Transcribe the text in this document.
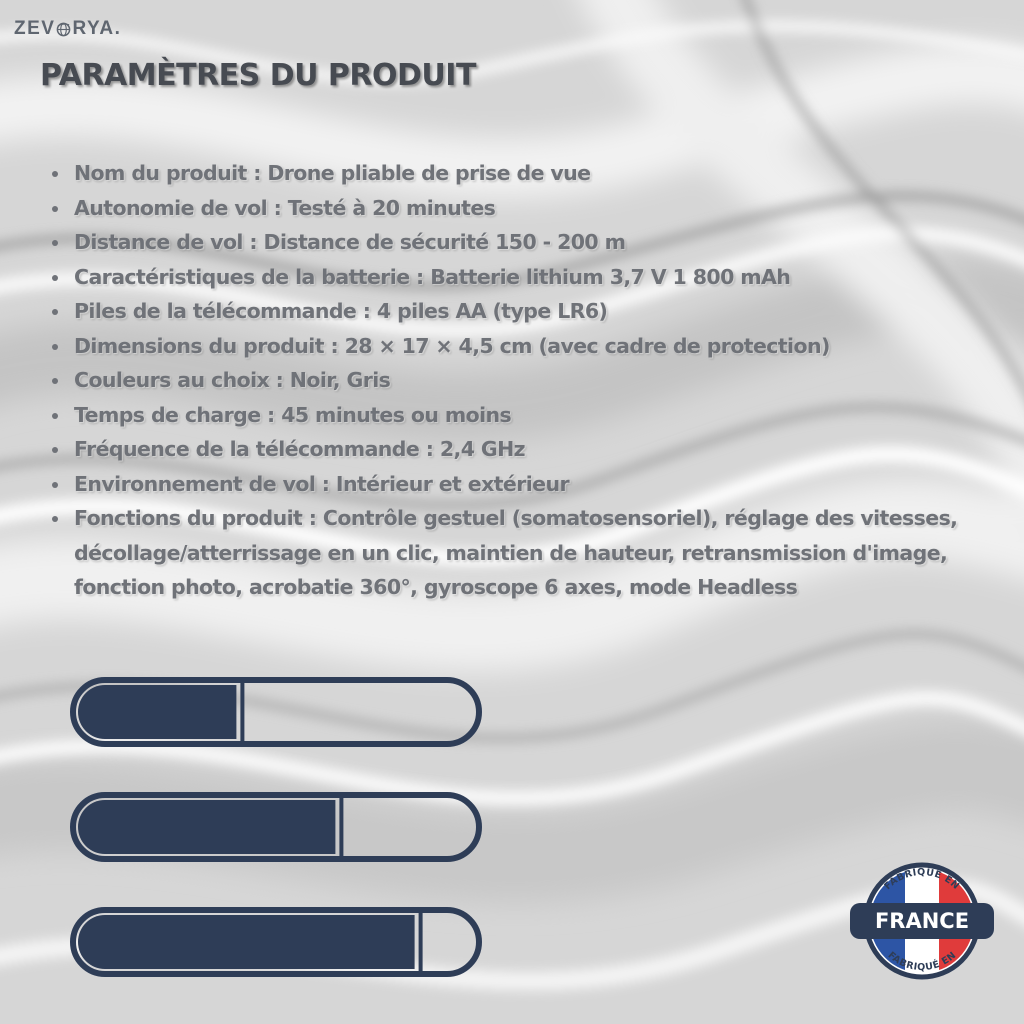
ZEV RYA.
PARAMÈTRES DU PRODUIT
Nom du produit : Drone pliable de prise de vue
Autonomie de vol : Testé à 20 minutes
Distance de vol : Distance de sécurité 150 - 200 m
Caractéristiques de la batterie : Batterie lithium 3,7 V 1 800 mAh
Piles de la télécommande : 4 piles AA (type LR6)
Dimensions du produit : 28 × 17 × 4,5 cm (avec cadre de protection)
Couleurs au choix : Noir, Gris
Temps de charge : 45 minutes ou moins
Fréquence de la télécommande : 2,4 GHz
Environnement de vol : Intérieur et extérieur
Fonctions du produit : Contrôle gestuel (somatosensoriel), réglage des vitesses, décollage/atterrissage en un clic, maintien de hauteur, retransmission d'image, fonction photo, acrobatie 360°, gyroscope 6 axes, mode Headless
FABRIQUÉ EN
FABRIQUÉ EN
FRANCE
